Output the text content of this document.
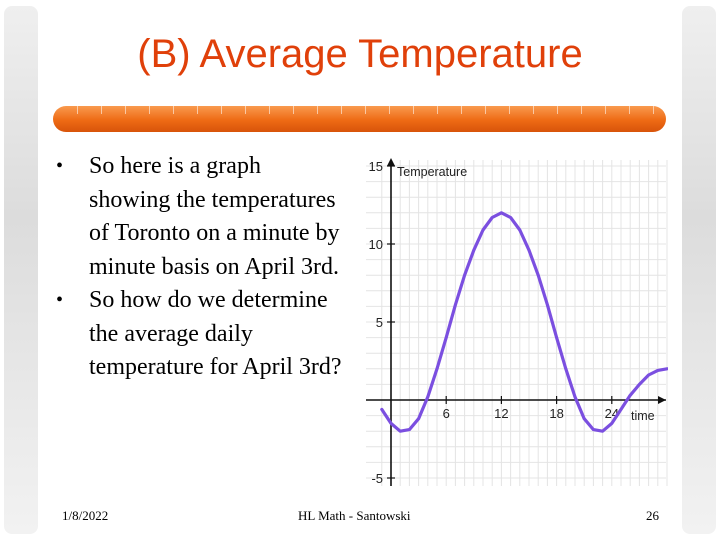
(B) Average Temperature
• So here is a graph showing the temperatures of Toronto on a minute by minute basis on April 3rd.
• So how do we determine the average daily temperature for April 3rd?
6	12	18	24
15
10
5
-5
Temperature
time
1/8/2022	HL Math - Santowski	26
